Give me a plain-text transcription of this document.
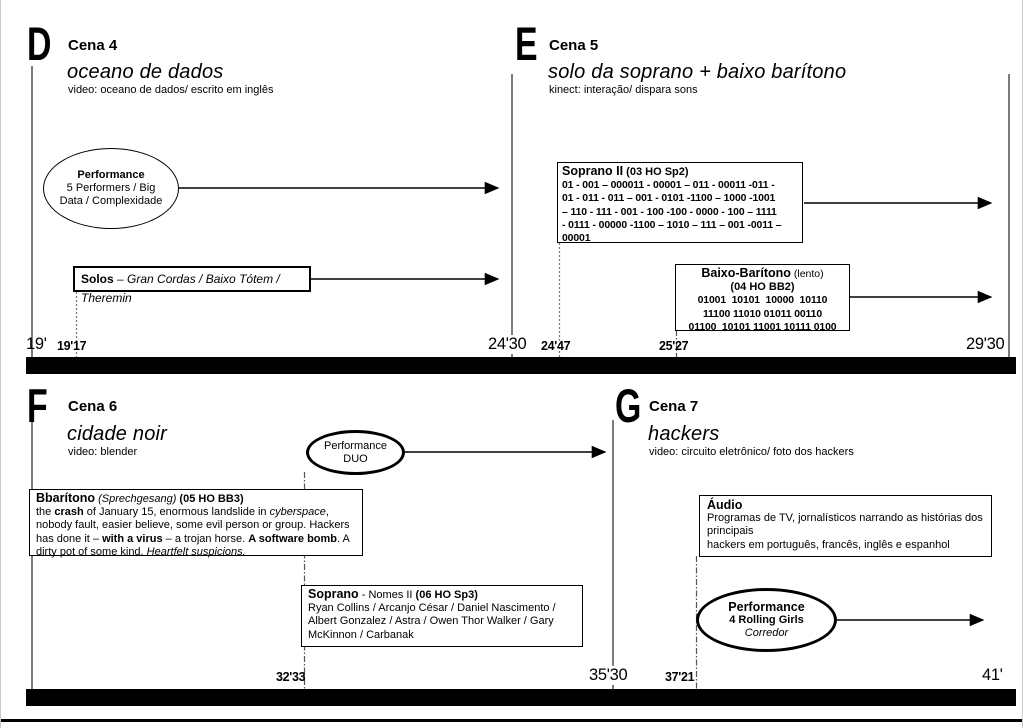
D Cena 4
oceano de dados
video: oceano de dados/ escrito em inglês
Performance
5 Performers / Big
Data / Complexidade
Solos – Gran Cordas / Baixo Tótem / Theremin
E Cena 5
solo da soprano + baixo barítono
kinect: interação/ dispara sons
Soprano II (03 HO Sp2)
01 - 001 – 000011 - 00001 – 011 - 00011 -011 -
01 - 011 - 011 – 001 - 0101 -1100 – 1000 -1001
– 110 - 111 - 001 - 100 -100 - 0000 - 100 – 1111
- 0111 - 00000 -1100 – 1010 – 111 – 001 -0011 –
00001
Baixo-Barítono (lento)
(04 HO BB2)
01001  10101  10000  10110
11100 11010 01011 00110
01100  10101 11001 10111 0100
19' 19'17	24'30 24'47	25'27	29'30
F Cena 6
cidade noir
video: blender
Performance
DUO
Bbarítono (Sprechgesang) (05 HO BB3)
the crash of January 15, enormous landslide in cyberspace, nobody fault, easier believe, some evil person or group. Hackers has done it – with a virus – a trojan horse. A software bomb. A dirty pot of some kind. Heartfelt suspicions.
Soprano - Nomes II (06 HO Sp3)
Ryan Collins / Arcanjo César / Daniel Nascimento / Albert Gonzalez / Astra / Owen Thor Walker / Gary McKinnon / Carbanak
G Cena 7
hackers
video: circuito eletrônico/ foto dos hackers
Áudio
Programas de TV, jornalísticos narrando as histórias dos principais
hackers em português, francês, inglês e espanhol
Performance
4 Rolling Girls
Corredor
32'33	35'30	37'21	41'
